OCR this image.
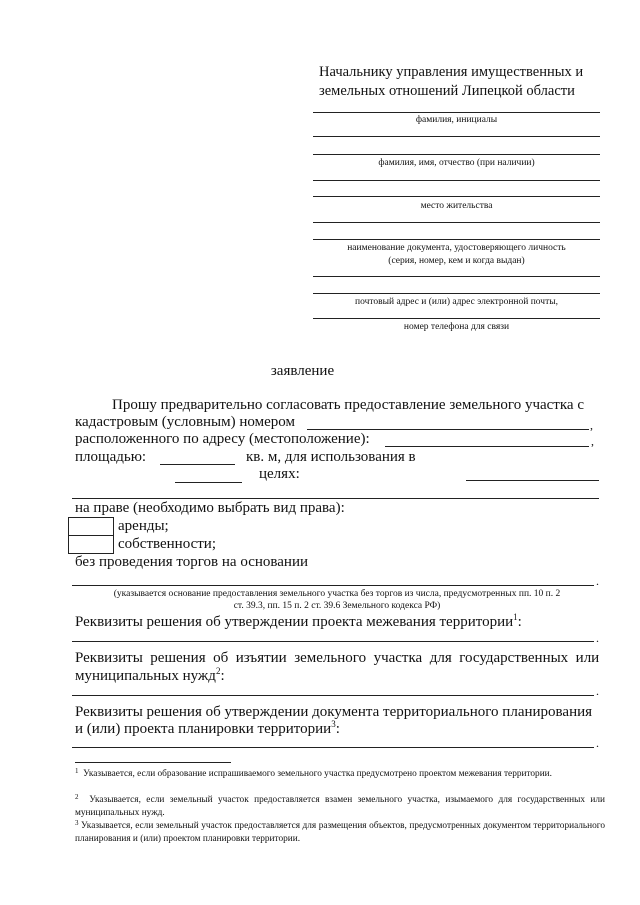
Начальнику управления имущественных и
земельных отношений Липецкой области
фамилия, инициалы
фамилия, имя, отчество (при наличии)
место жительства
наименование документа, удостоверяющего личность
(серия, номер, кем и когда выдан)
почтовый адрес и (или) адрес электронной почты,
номер телефона для связи
заявление
Прошу предварительно согласовать предоставление земельного участка с
кадастровым (условным) номером	,
расположенного по адресу (местоположение):	,
площадью:	кв. м, для использования в
целях:
на праве (необходимо выбрать вид права):
аренды;
собственности;
без проведения торгов на основании
.
(указывается основание предоставления земельного участка без торгов из числа, предусмотренных пп. 10 п. 2
ст. 39.3, пп. 15 п. 2 ст. 39.6 Земельного кодекса РФ)
Реквизиты решения об утверждении проекта межевания территории$^1$:
.
Реквизиты  решения  об  изъятии  земельного  участка  для  государственных  или
муниципальных нужд$^2$:
.
Реквизиты решения об утверждении документа территориального планирования
и (или) проекта планировки территории$^3$:
.
$^1$ Указывается, если образование испрашиваемого земельного участка предусмотрено проектом межевания территории.
$^2$ Указывается, если земельный участок предоставляется взамен земельного участка, изымаемого для государственных или муниципальных нужд.
$^3$ Указывается, если земельный участок предоставляется для размещения объектов, предусмотренных документом территориального планирования и (или) проектом планировки территории.
